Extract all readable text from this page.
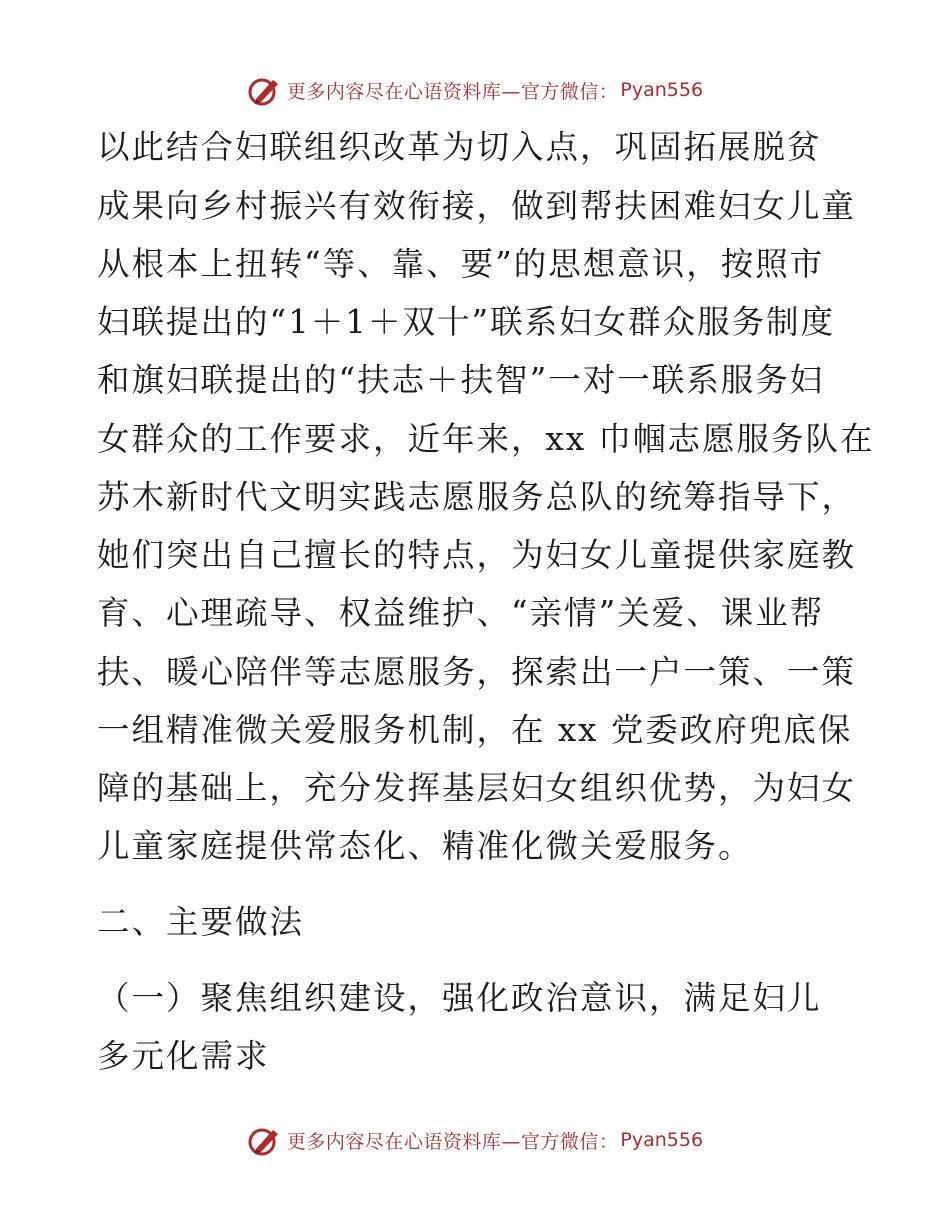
更多内容尽在心语资料库—官方微信： Pyan556
以此结合妇联组织改革为切入点，巩固拓展脱贫
成果向乡村振兴有效衔接，做到帮扶困难妇女儿童
从根本上扭转“等、靠、要”的思想意识，按照市
妇联提出的“1＋1＋双十”联系妇女群众服务制度
和旗妇联提出的“扶志＋扶智”一对一联系服务妇
女群众的工作要求，近年来，xx 巾帼志愿服务队在
苏木新时代文明实践志愿服务总队的统筹指导下，
她们突出自己擅长的特点，为妇女儿童提供家庭教
育、心理疏导、权益维护、“亲情”关爱、课业帮
扶、暖心陪伴等志愿服务，探索出一户一策、一策
一组精准微关爱服务机制，在 xx 党委政府兜底保
障的基础上，充分发挥基层妇女组织优势，为妇女
儿童家庭提供常态化、精准化微关爱服务。
二、主要做法
（一）聚焦组织建设，强化政治意识，满足妇儿
多元化需求
更多内容尽在心语资料库—官方微信： Pyan556
